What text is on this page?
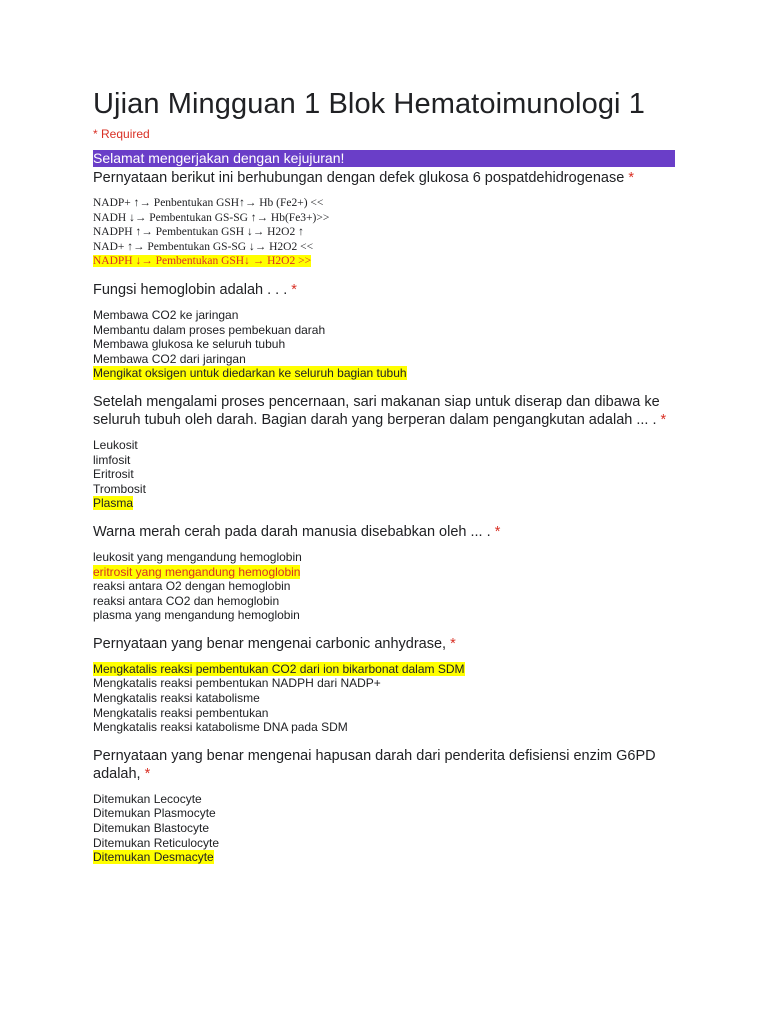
Ujian Mingguan 1 Blok Hematoimunologi 1
* Required
Selamat mengerjakan dengan kejujuran!
Pernyataan berikut ini berhubungan dengan defek glukosa 6 pospatdehidrogenase *
NADP+ ↑→ Penbentukan GSH↑→ Hb (Fe2+) <<
NADH ↓→ Pembentukan GS-SG ↑→ Hb(Fe3+)>>
NADPH ↑→ Pembentukan GSH ↓→ H2O2 ↑
NAD+ ↑→ Pembentukan GS-SG ↓→ H2O2 <<
NADPH ↓→ Pembentukan GSH↓ → H2O2 >>
Fungsi hemoglobin adalah . . . *
Membawa CO2 ke jaringan
Membantu dalam proses pembekuan darah
Membawa glukosa ke seluruh tubuh
Membawa CO2 dari jaringan
Mengikat oksigen untuk diedarkan ke seluruh bagian tubuh
Setelah mengalami proses pencernaan, sari makanan siap untuk diserap dan dibawa ke seluruh tubuh oleh darah. Bagian darah yang berperan dalam pengangkutan adalah ... . *
Leukosit
limfosit
Eritrosit
Trombosit
Plasma
Warna merah cerah pada darah manusia disebabkan oleh ... . *
leukosit yang mengandung hemoglobin
eritrosit yang mengandung hemoglobin
reaksi antara O2 dengan hemoglobin
reaksi antara CO2 dan hemoglobin
plasma yang mengandung hemoglobin
Pernyataan yang benar mengenai carbonic anhydrase, *
Mengkatalis reaksi pembentukan CO2 dari ion bikarbonat dalam SDM
Mengkatalis reaksi pembentukan NADPH dari NADP+
Mengkatalis reaksi katabolisme
Mengkatalis reaksi pembentukan
Mengkatalis reaksi katabolisme DNA pada SDM
Pernyataan yang benar mengenai hapusan darah dari penderita defisiensi enzim G6PD adalah, *
Ditemukan Lecocyte
Ditemukan Plasmocyte
Ditemukan Blastocyte
Ditemukan Reticulocyte
Ditemukan Desmacyte
